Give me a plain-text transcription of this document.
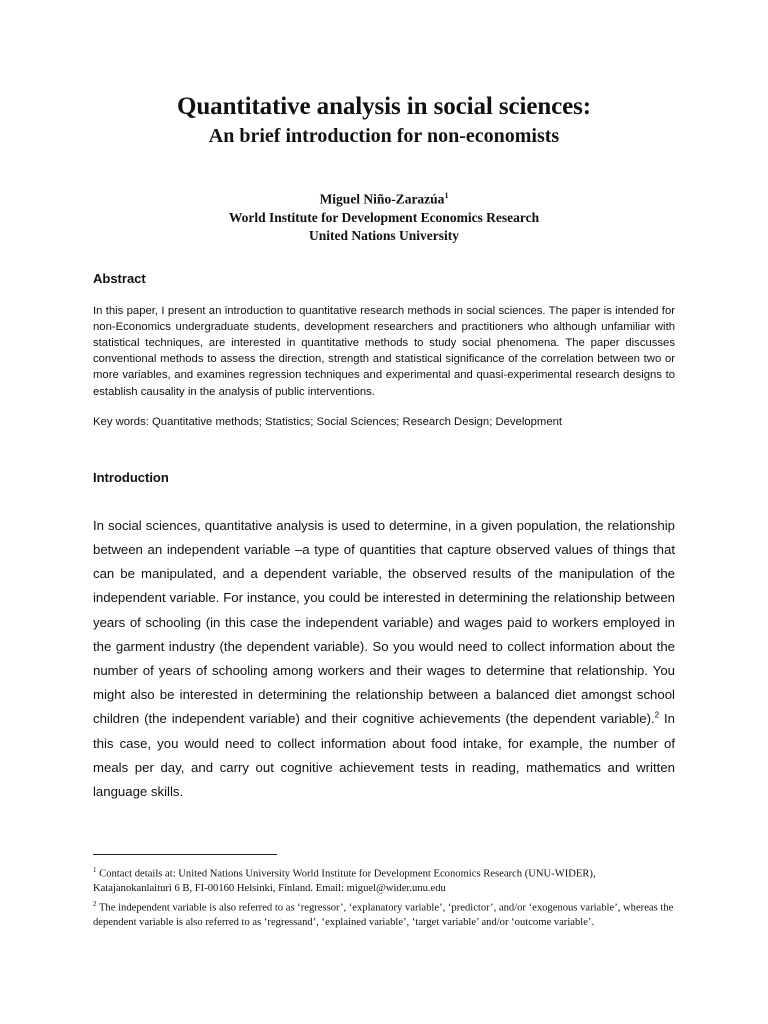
Quantitative analysis in social sciences:
An brief introduction for non-economists
Miguel Niño-Zarazúa$^1$
World Institute for Development Economics Research
United Nations University
Abstract

In this paper, I present an introduction to quantitative research methods in social sciences. The paper is intended for non-Economics undergraduate students, development researchers and practitioners who although unfamiliar with statistical techniques, are interested in quantitative methods to study social phenomena. The paper discusses conventional methods to assess the direction, strength and statistical significance of the correlation between two or more variables, and examines regression techniques and experimental and quasi-experimental research designs to establish causality in the analysis of public interventions.

Key words: Quantitative methods; Statistics; Social Sciences; Research Design; Development

Introduction

In social sciences, quantitative analysis is used to determine, in a given population, the relationship between an independent variable –a type of quantities that capture observed values of things that can be manipulated, and a dependent variable, the observed results of the manipulation of the independent variable. For instance, you could be interested in determining the relationship between years of schooling (in this case the independent variable) and wages paid to workers employed in the garment industry (the dependent variable). So you would need to collect information about the number of years of schooling among workers and their wages to determine that relationship. You might also be interested in determining the relationship between a balanced diet amongst school children (the independent variable) and their cognitive achievements (the dependent variable).$^2$ In this case, you would need to collect information about food intake, for example, the number of meals per day, and carry out cognitive achievement tests in reading, mathematics and written language skills.

$^1$ Contact details at: United Nations University World Institute for Development Economics Research (UNU-WIDER), Katajanokanlaituri 6 B, FI-00160 Helsinki, Finland. Email: miguel@wider.unu.edu

$^2$ The independent variable is also referred to as ‘regressor’, ‘explanatory variable’, ‘predictor’, and/or ‘exogenous variable’, whereas the dependent variable is also referred to as ‘regressand’, ‘explained variable’, ‘target variable’ and/or ‘outcome variable’.
